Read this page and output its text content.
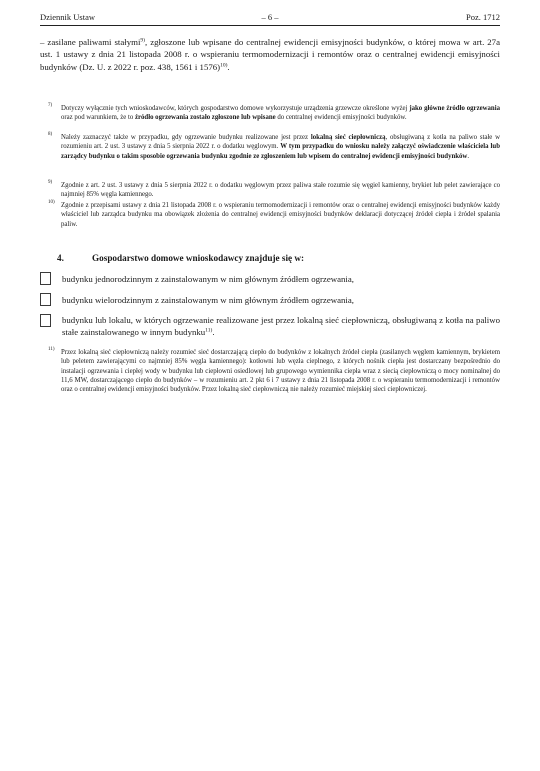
Dziennik Ustaw	– 6 –	Poz. 1712
– zasilane paliwami stałymi$^{9)}$, zgłoszone lub wpisane do centralnej ewidencji emisyjności budynków, o której mowa w art. 27a ust. 1 ustawy z dnia 21 listopada 2008 r. o wspieraniu termomodernizacji i remontów oraz o centralnej ewidencji emisyjności budynków (Dz. U. z 2022 r. poz. 438, 1561 i 1576)$^{10)}$.
7) Dotyczy wyłącznie tych wnioskodawców, których gospodarstwo domowe wykorzystuje urządzenia grzewcze określone wyżej jako główne źródło ogrzewania oraz pod warunkiem, że to źródło ogrzewania zostało zgłoszone lub wpisane do centralnej ewidencji emisyjności budynków.
8) Należy zaznaczyć także w przypadku, gdy ogrzewanie budynku realizowane jest przez lokalną sieć ciepłowniczą, obsługiwaną z kotła na paliwo stałe w rozumieniu art. 2 ust. 3 ustawy z dnia 5 sierpnia 2022 r. o dodatku węglowym. W tym przypadku do wniosku należy załączyć oświadczenie właściciela lub zarządcy budynku o takim sposobie ogrzewania budynku zgodnie ze zgłoszeniem lub wpisem do centralnej ewidencji emisyjności budynków.
9) Zgodnie z art. 2 ust. 3 ustawy z dnia 5 sierpnia 2022 r. o dodatku węglowym przez paliwa stałe rozumie się węgiel kamienny, brykiet lub pelet zawierające co najmniej 85% węgla kamiennego.
10) Zgodnie z przepisami ustawy z dnia 21 listopada 2008 r. o wspieraniu termomodernizacji i remontów oraz o centralnej ewidencji emisyjności budynków każdy właściciel lub zarządca budynku ma obowiązek złożenia do centralnej ewidencji emisyjności budynków deklaracji dotyczącej źródeł ciepła i źródeł spalania paliw.
4.	Gospodarstwo domowe wnioskodawcy znajduje się w:
budynku jednorodzinnym z zainstalowanym w nim głównym źródłem ogrzewania,
budynku wielorodzinnym z zainstalowanym w nim głównym źródłem ogrzewania,
budynku lub lokalu, w których ogrzewanie realizowane jest przez lokalną sieć ciepłowniczą, obsługiwaną z kotła na paliwo stałe zainstalowanego w innym budynku$^{11)}$.
11) Przez lokalną sieć ciepłowniczą należy rozumieć sieć dostarczającą ciepło do budynków z lokalnych źródeł ciepła (zasilanych węglem kamiennym, brykietem lub peletem zawierającymi co najmniej 85% węgla kamiennego): kotłowni lub węzła cieplnego, z których nośnik ciepła jest dostarczany bezpośrednio do instalacji ogrzewania i ciepłej wody w budynku lub ciepłowni osiedlowej lub grupowego wymiennika ciepła wraz z siecią ciepłowniczą o mocy nominalnej do 11,6 MW, dostarczającego ciepło do budynków – w rozumieniu art. 2 pkt 6 i 7 ustawy z dnia 21 listopada 2008 r. o wspieraniu termomodernizacji i remontów oraz o centralnej ewidencji emisyjności budynków. Przez lokalną sieć ciepłowniczą nie należy rozumieć miejskiej sieci ciepłowniczej.
